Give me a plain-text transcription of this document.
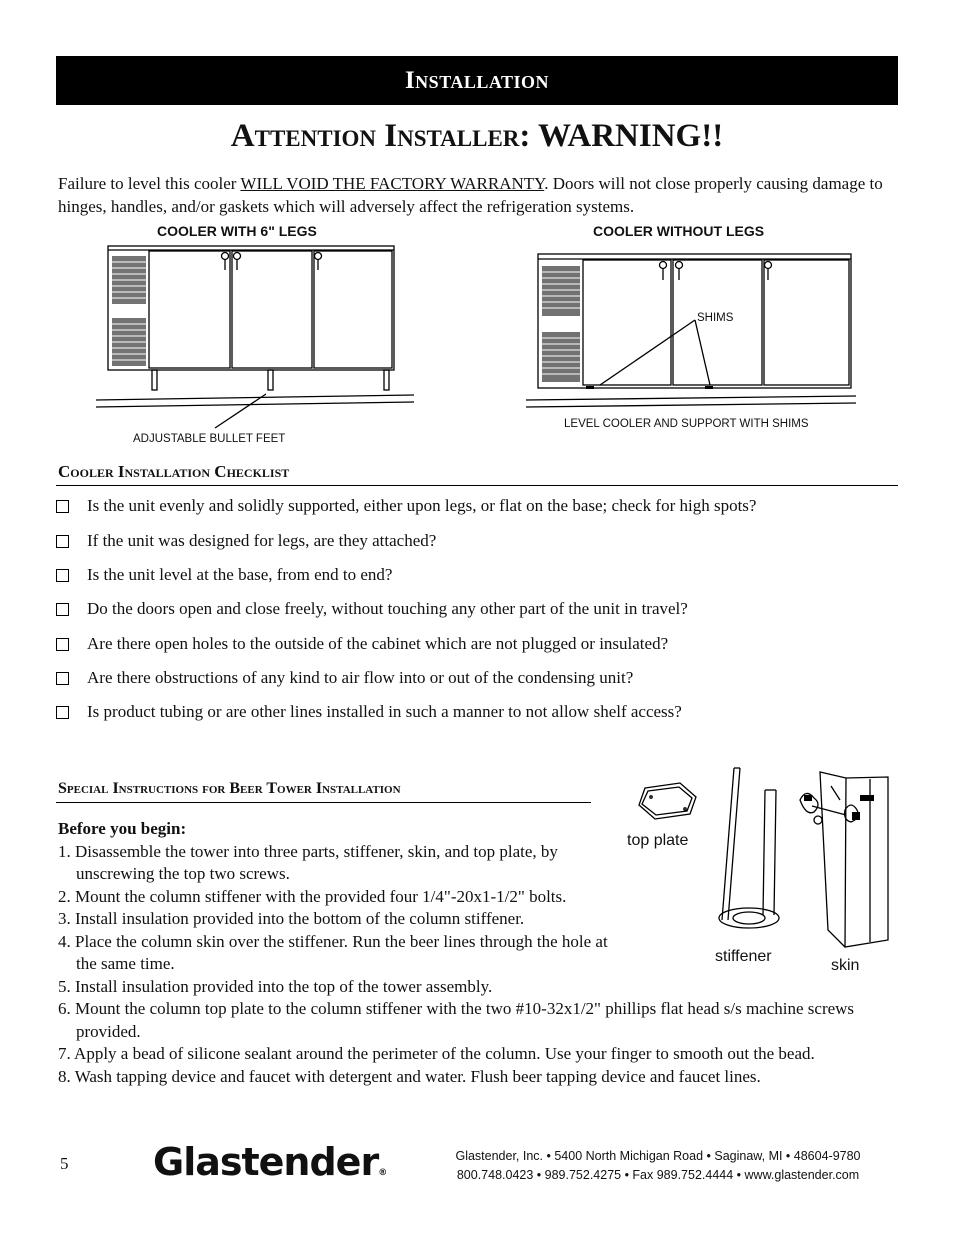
Installation
Attention Installer: WARNING!!
Failure to level this cooler WILL VOID THE FACTORY WARRANTY. Doors will not close properly causing damage to hinges, handles, and/or gaskets which will adversely affect the refrigeration systems.
COOLER WITH 6" LEGS	COOLER WITHOUT LEGS
ADJUSTABLE BULLET FEET
SHIMS
LEVEL COOLER AND SUPPORT WITH SHIMS
Cooler Installation Checklist
Is the unit evenly and solidly supported, either upon legs, or flat on the base; check for high spots?
If the unit was designed for legs, are they attached?
Is the unit level at the base, from end to end?
Do the doors open and close freely, without touching any other part of the unit in travel?
Are there open holes to the outside of the cabinet which are not plugged or insulated?
Are there obstructions of any kind to air flow into or out of the condensing unit?
Is product tubing or are other lines installed in such a manner to not allow shelf access?
Special Instructions for Beer Tower Installation
Before you begin:
1. Disassemble the tower into three parts, stiffener, skin, and top plate, by unscrewing the top two screws.
2. Mount the column stiffener with the provided four 1/4"-20x1-1/2" bolts.
3. Install insulation provided into the bottom of the column stiffener.
4. Place the column skin over the stiffener. Run the beer lines through the hole at the same time.
5. Install insulation provided into the top of the tower assembly.
6. Mount the column top plate to the column stiffener with the two #10-32x1/2" phillips flat head s/s machine screws provided.
7. Apply a bead of silicone sealant around the perimeter of the column. Use your finger to smooth out the bead.
8. Wash tapping device and faucet with detergent and water. Flush beer tapping device and faucet lines.
top plate
stiffener
skin
5 Glastender®
Glastender, Inc. • 5400 North Michigan Road • Saginaw, MI • 48604-9780
800.748.0423 • 989.752.4275 • Fax 989.752.4444 • www.glastender.com
